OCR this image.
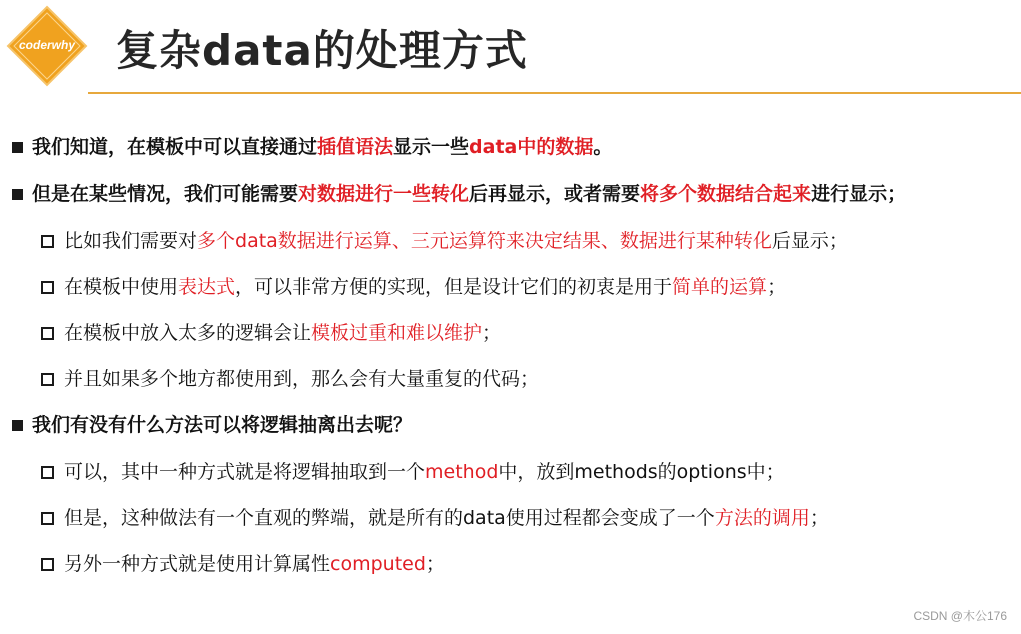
coderwhy 复杂data的处理方式
我们知道，在模板中可以直接通过插值语法显示一些data中的数据。
但是在某些情况，我们可能需要对数据进行一些转化后再显示，或者需要将多个数据结合起来进行显示；
比如我们需要对多个data数据进行运算、三元运算符来决定结果、数据进行某种转化后显示；
在模板中使用表达式，可以非常方便的实现，但是设计它们的初衷是用于简单的运算；
在模板中放入太多的逻辑会让模板过重和难以维护；
并且如果多个地方都使用到，那么会有大量重复的代码；
我们有没有什么方法可以将逻辑抽离出去呢？
可以，其中一种方式就是将逻辑抽取到一个method中，放到methods的options中；
但是，这种做法有一个直观的弊端，就是所有的data使用过程都会变成了一个方法的调用；
另外一种方式就是使用计算属性computed；
CSDN @木公176
